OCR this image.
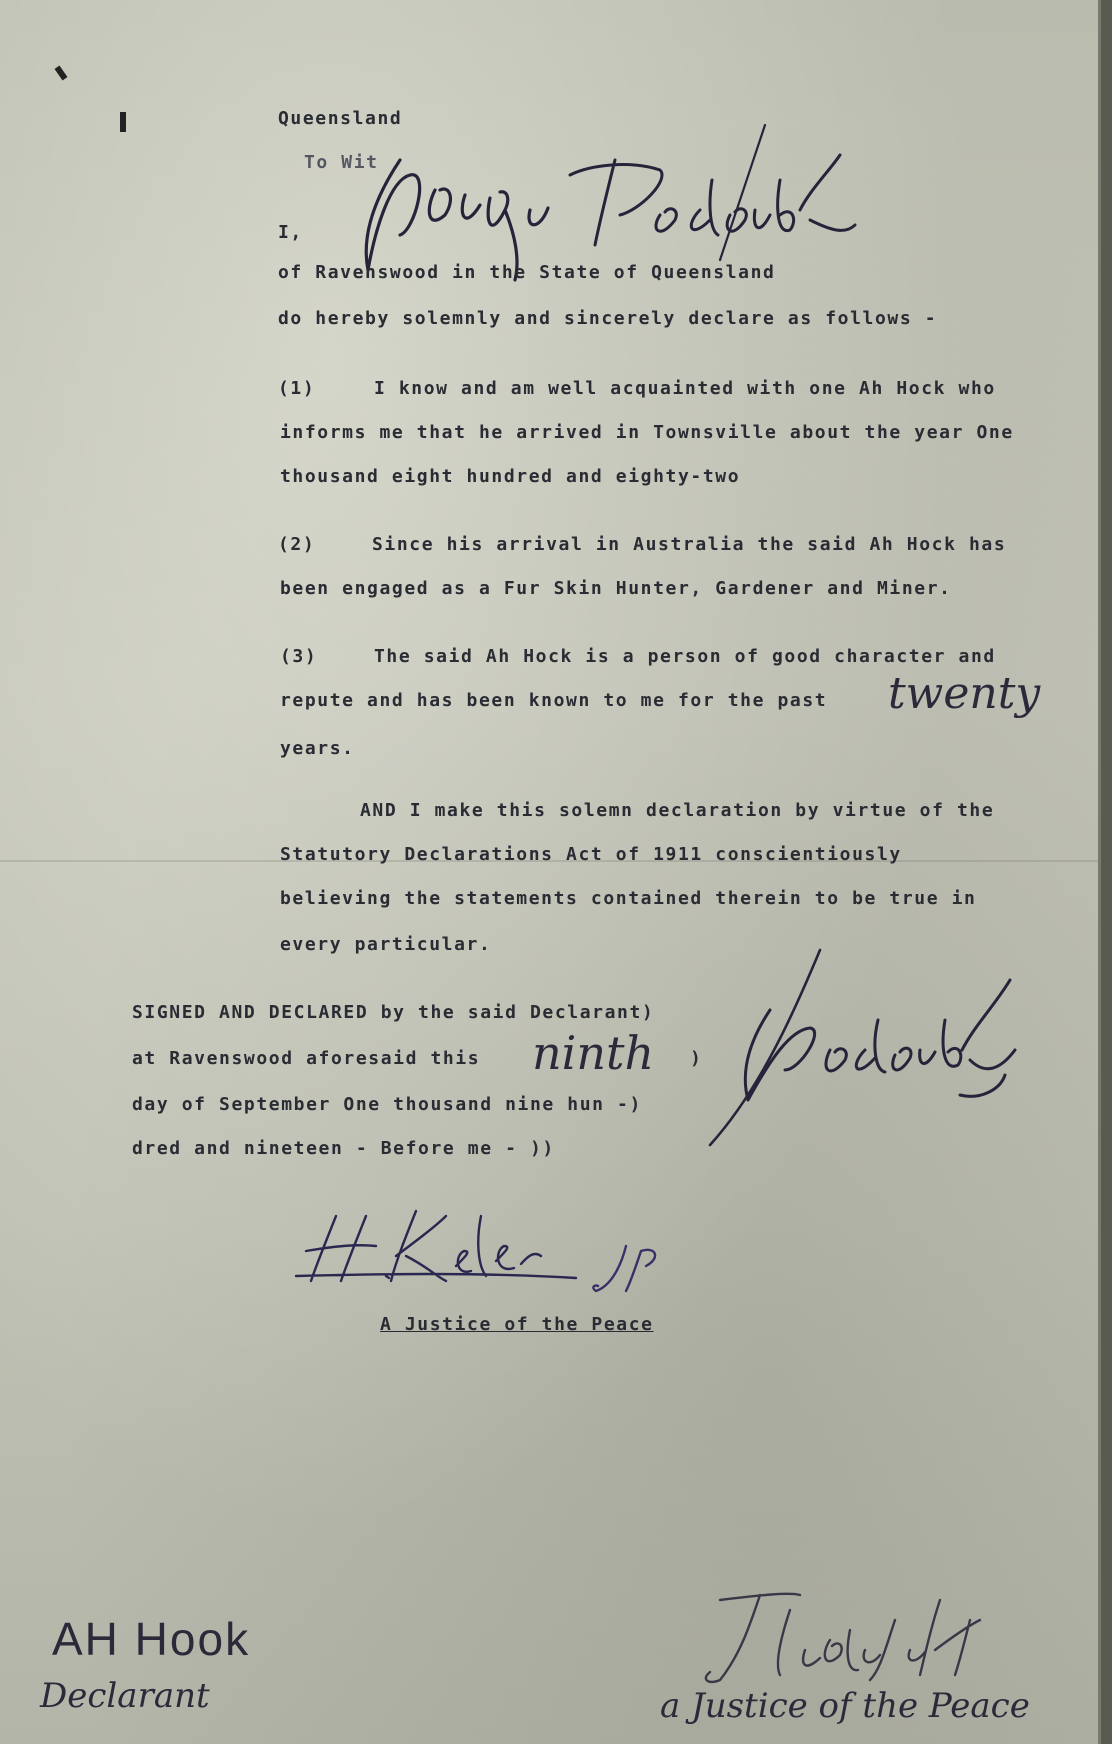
Queensland
To Wit
I,
of Ravenswood in the State of Queensland
do hereby solemnly and sincerely declare as follows -
(1)	I know and am well acquainted with one Ah Hock who
informs me that he arrived in Townsville about the year One
thousand eight hundred and eighty-two
(2)	Since his arrival in Australia the said Ah Hock has
been engaged as a Fur Skin Hunter, Gardener and Miner.
(3)	The said Ah Hock is a person of good character and
repute and has been known to me for the past twenty
years.
AND I make this solemn declaration by virtue of the
Statutory Declarations Act of 1911 conscientiously
believing the statements contained therein to be true in
every particular.
SIGNED AND DECLARED by the said Declarant)
at Ravenswood aforesaid this ninth )
day of September One thousand nine hun -)
dred and nineteen - Before me - ))
A Justice of the Peace
AH Hook
Declarant	a Justice of the Peace
